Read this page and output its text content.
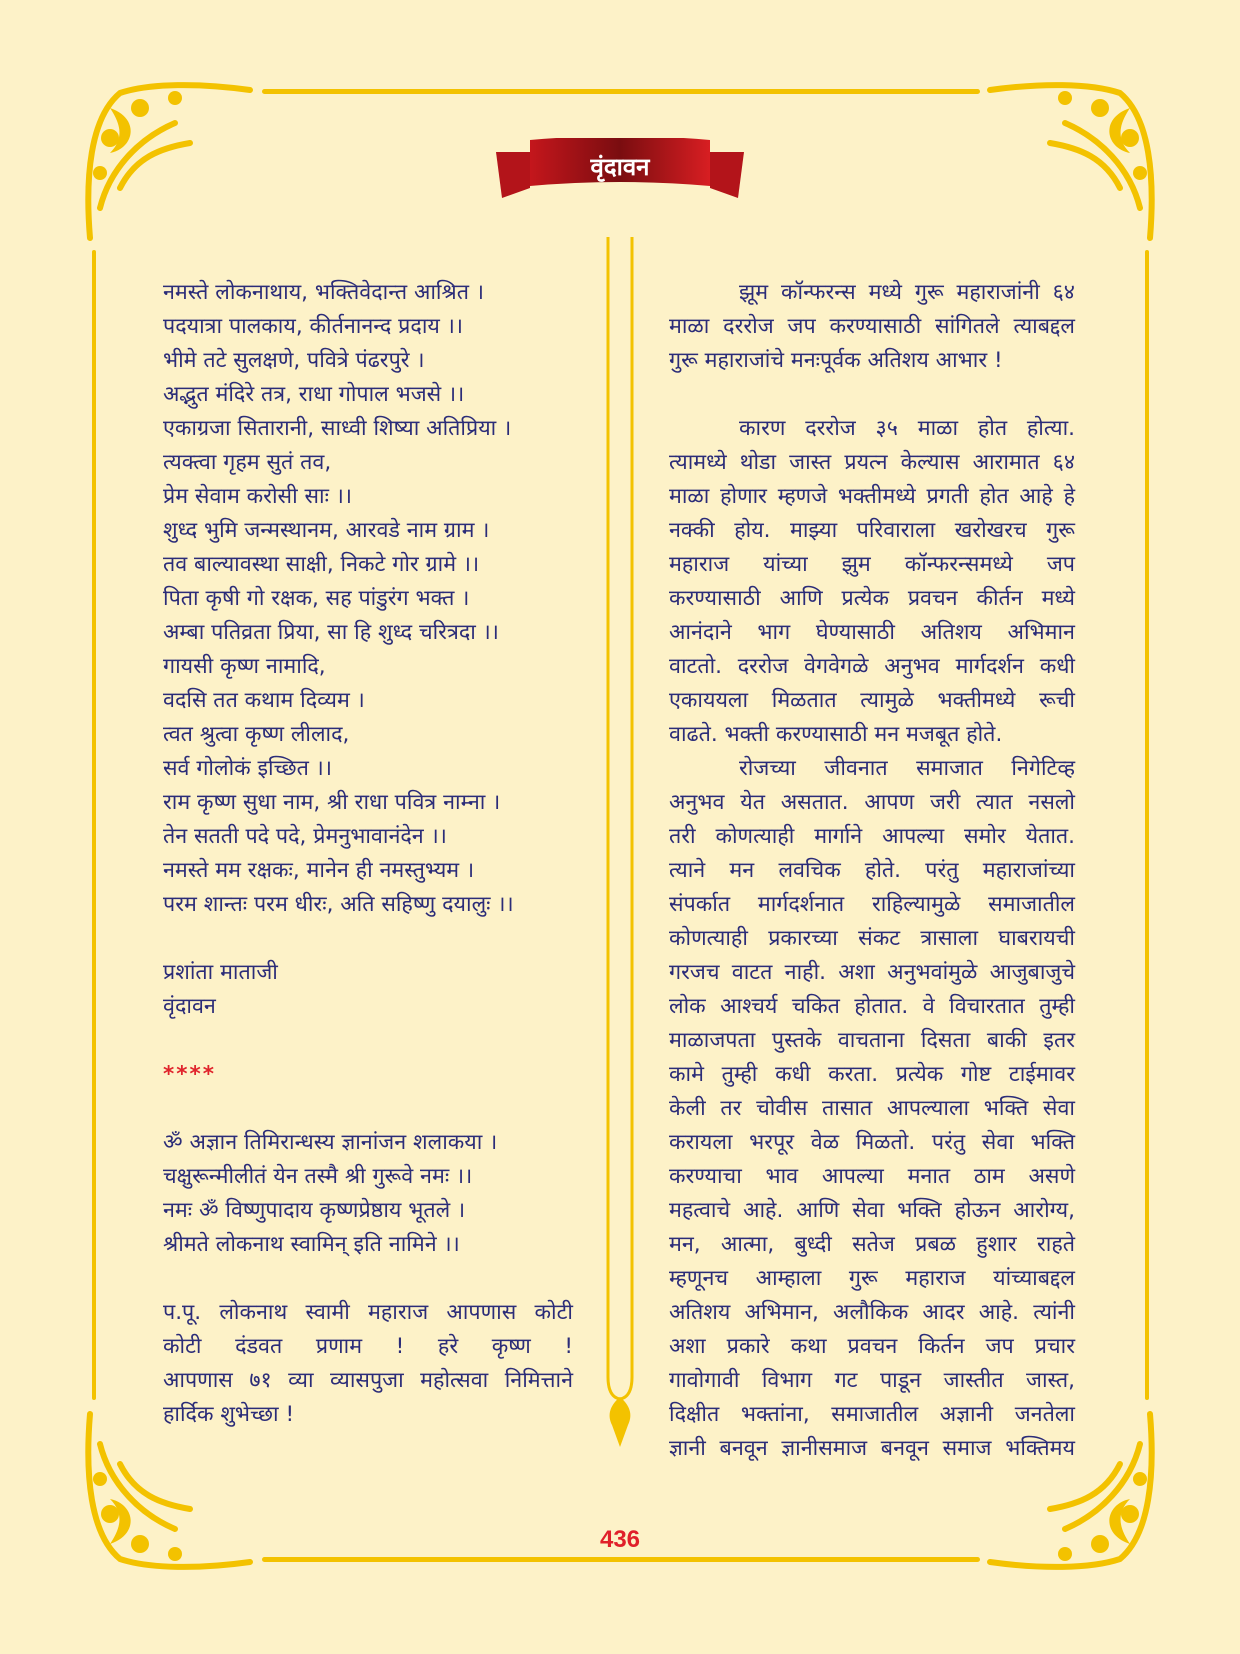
वृंदावन
नमस्ते लोकनाथाय, भक्तिवेदान्त आश्रित ।
पदयात्रा पालकाय, कीर्तनानन्द प्रदाय ।।
भीमे तटे सुलक्षणे, पवित्रे पंढरपुरे ।
अद्भुत मंदिरे तत्र, राधा गोपाल भजसे ।।
एकाग्रजा सितारानी, साध्वी शिष्या अतिप्रिया ।
त्यक्त्वा गृहम सुतं तव,
प्रेम सेवाम करोसी साः ।।
शुध्द भुमि जन्मस्थानम, आरवडे नाम ग्राम ।
तव बाल्यावस्था साक्षी, निकटे गोर ग्रामे ।।
पिता कृषी गो रक्षक, सह पांडुरंग भक्त ।
अम्बा पतिव्रता प्रिया, सा हि शुध्द चरित्रदा ।।
गायसी कृष्ण नामादि,
वदसि तत कथाम दिव्यम ।
त्वत श्रुत्वा कृष्ण लीलाद,
सर्व गोलोकं इच्छित ।।
राम कृष्ण सुधा नाम, श्री राधा पवित्र नाम्ना ।
तेन सतती पदे पदे, प्रेमनुभावानंदेन ।।
नमस्ते मम रक्षकः, मानेन ही नमस्तुभ्यम ।
परम शान्तः परम धीरः, अति सहिष्णु दयालुः ।।
प्रशांता माताजी
वृंदावन
****
ॐ अज्ञान तिमिरान्धस्य ज्ञानांजन शलाकया ।
चक्षुरून्मीलीतं येन तस्मै श्री गुरूवे नमः ।।
नमः ॐ विष्णुपादाय कृष्णप्रेष्ठाय भूतले ।
श्रीमते लोकनाथ स्वामिन् इति नामिने ।।
प.पू. लोकनाथ स्वामी महाराज आपणास कोटी
कोटी दंडवत प्रणाम ! हरे कृष्ण !
आपणास ७१ व्या व्यासपुजा महोत्सवा निमित्ताने
हार्दिक शुभेच्छा !
झूम कॉन्फरन्स मध्ये गुरू महाराजांनी ६४
माळा दररोज जप करण्यासाठी सांगितले त्याबद्दल
गुरू महाराजांचे मनःपूर्वक अतिशय आभार !
कारण दररोज ३५ माळा होत होत्या.
त्यामध्ये थोडा जास्त प्रयत्न केल्यास आरामात ६४
माळा होणार म्हणजे भक्तीमध्ये प्रगती होत आहे हे
नक्की होय. माझ्या परिवाराला खरोखरच गुरू
महाराज यांच्या झुम कॉन्फरन्समध्ये जप
करण्यासाठी आणि प्रत्येक प्रवचन कीर्तन मध्ये
आनंदाने भाग घेण्यासाठी अतिशय अभिमान
वाटतो. दररोज वेगवेगळे अनुभव मार्गदर्शन कधी
एकाययला मिळतात त्यामुळे भक्तीमध्ये रूची
वाढते. भक्ती करण्यासाठी मन मजबूत होते.
रोजच्या जीवनात समाजात निगेटिव्ह
अनुभव येत असतात. आपण जरी त्यात नसलो
तरी कोणत्याही मार्गाने आपल्या समोर येतात.
त्याने मन लवचिक होते. परंतु महाराजांच्या
संपर्कात मार्गदर्शनात राहिल्यामुळे समाजातील
कोणत्याही प्रकारच्या संकट त्रासाला घाबरायची
गरजच वाटत नाही. अशा अनुभवांमुळे आजुबाजुचे
लोक आश्चर्य चकित होतात. वे विचारतात तुम्ही
माळाजपता पुस्तके वाचताना दिसता बाकी इतर
कामे तुम्ही कधी करता. प्रत्येक गोष्ट टाईमावर
केली तर चोवीस तासात आपल्याला भक्ति सेवा
करायला भरपूर वेळ मिळतो. परंतु सेवा भक्ति
करण्याचा भाव आपल्या मनात ठाम असणे
महत्वाचे आहे. आणि सेवा भक्ति होऊन आरोग्य,
मन, आत्मा, बुध्दी सतेज प्रबळ हुशार राहते
म्हणूनच आम्हाला गुरू महाराज यांच्याबद्दल
अतिशय अभिमान, अलौकिक आदर आहे. त्यांनी
अशा प्रकारे कथा प्रवचन किर्तन जप प्रचार
गावोगावी विभाग गट पाडून जास्तीत जास्त,
दिक्षीत भक्तांना, समाजातील अज्ञानी जनतेला
ज्ञानी बनवून ज्ञानीसमाज बनवून समाज भक्तिमय
436
